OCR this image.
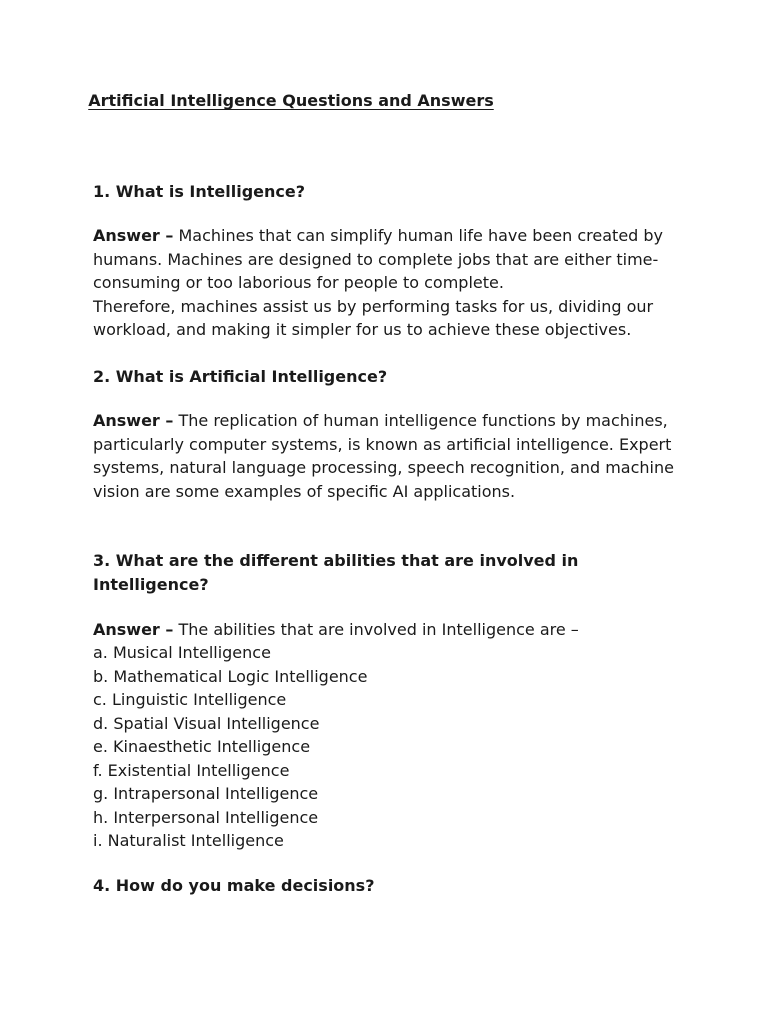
Artificial Intelligence Questions and Answers

1. What is Intelligence?

Answer – Machines that can simplify human life have been created by humans. Machines are designed to complete jobs that are either time-consuming or too laborious for people to complete.
Therefore, machines assist us by performing tasks for us, dividing our workload, and making it simpler for us to achieve these objectives.

2. What is Artificial Intelligence?

Answer – The replication of human intelligence functions by machines, particularly computer systems, is known as artificial intelligence. Expert systems, natural language processing, speech recognition, and machine vision are some examples of specific AI applications.

3. What are the different abilities that are involved in Intelligence?

Answer – The abilities that are involved in Intelligence are –

a. Musical Intelligence
b. Mathematical Logic Intelligence
c. Linguistic Intelligence
d. Spatial Visual Intelligence
e. Kinaesthetic Intelligence
f. Existential Intelligence
g. Intrapersonal Intelligence
h. Interpersonal Intelligence
i. Naturalist Intelligence

4. How do you make decisions?
